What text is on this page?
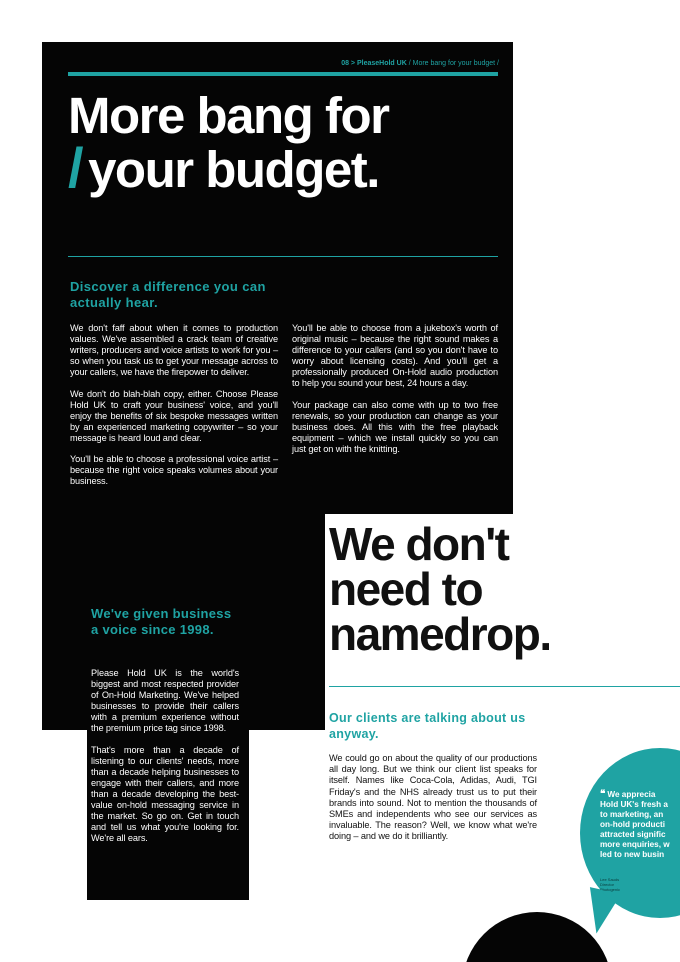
08 > PleaseHold UK / More bang for your budget /
More bang for
/ your budget.
Discover a difference you can actually hear.

We don't faff about when it comes to production values. We've assembled a crack team of creative writers, producers and voice artists to work for you – so when you task us to get your message across to your callers, we have the firepower to deliver.

We don't do blah-blah copy, either. Choose Please Hold UK to craft your business' voice, and you'll enjoy the benefits of six bespoke messages written by an experienced marketing copywriter – so your message is heard loud and clear.

You'll be able to choose a professional voice artist – because the right voice speaks volumes about your business.

You'll be able to choose from a jukebox's worth of original music – because the right sound makes a difference to your callers (and so you don't have to worry about licensing costs). And you'll get a professionally produced On-Hold audio production to help you sound your best, 24 hours a day.

Your package can also come with up to two free renewals, so your production can change as your business does. All this with the free playback equipment – which we install quickly so you can just get on with the knitting.

We've given business a voice since 1998.

Please Hold UK is the world's biggest and most respected provider of On-Hold Marketing. We've helped businesses to provide their callers with a premium experience without the premium price tag since 1998.

That's more than a decade of listening to our clients' needs, more than a decade helping businesses to engage with their callers, and more than a decade developing the best-value on-hold messaging service in the market. So go on. Get in touch and tell us what you're looking for. We're all ears.

We don't
need to
namedrop.
Our clients are talking about us anyway.

We could go on about the quality of our productions all day long. But we think our client list speaks for itself. Names like Coca-Cola, Adidas, Audi, TGI Friday's and the NHS already trust us to put their brands into sound. Not to mention the thousands of SMEs and independents who see our services as invaluable. The reason? Well, we know what we're doing – and we do it brilliantly.

❝ We apprecia
Hold UK's fresh a
to marketing, an
on-hold producti
attracted signific
more enquiries, w
led to new busin
Lee Sauds
Director
Photogenic
